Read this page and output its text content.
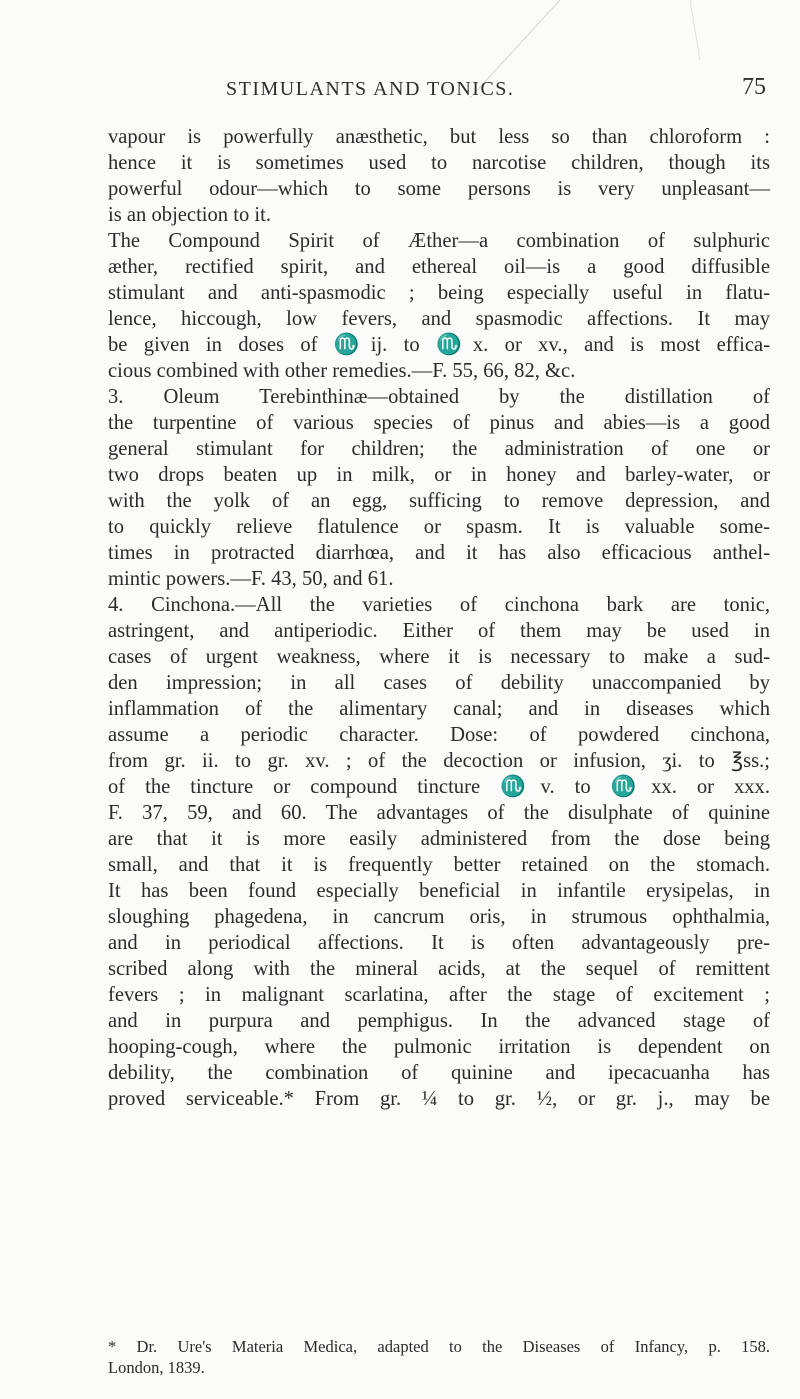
STIMULANTS AND TONICS.	75
vapour is powerfully anæsthetic, but less so than chloroform :
hence it is sometimes used to narcotise children, though its
powerful odour—which to some persons is very unpleasant—
is an objection to it.
The Compound Spirit of Æther—a combination of sulphuric
æther, rectified spirit, and ethereal oil—is a good diffusible
stimulant and anti-spasmodic ; being especially useful in flatu-
lence, hiccough, low fevers, and spasmodic affections. It may
be given in doses of ♏ij. to ♏x. or xv., and is most effica-
cious combined with other remedies.—F. 55, 66, 82, &c.
3. Oleum Terebinthinæ—obtained by the distillation of
the turpentine of various species of pinus and abies—is a good
general stimulant for children; the administration of one or
two drops beaten up in milk, or in honey and barley-water, or
with the yolk of an egg, sufficing to remove depression, and
to quickly relieve flatulence or spasm. It is valuable some-
times in protracted diarrhœa, and it has also efficacious anthel-
mintic powers.—F. 43, 50, and 61.
4. Cinchona.—All the varieties of cinchona bark are tonic,
astringent, and antiperiodic. Either of them may be used in
cases of urgent weakness, where it is necessary to make a sud-
den impression; in all cases of debility unaccompanied by
inflammation of the alimentary canal; and in diseases which
assume a periodic character. Dose: of powdered cinchona,
from gr. ii. to gr. xv. ; of the decoction or infusion, ʒi. to ℥ss.;
of the tincture or compound tincture ♏v. to ♏xx. or xxx.
F. 37, 59, and 60. The advantages of the disulphate of quinine
are that it is more easily administered from the dose being
small, and that it is frequently better retained on the stomach.
It has been found especially beneficial in infantile erysipelas, in
sloughing phagedena, in cancrum oris, in strumous ophthalmia,
and in periodical affections. It is often advantageously pre-
scribed along with the mineral acids, at the sequel of remittent
fevers ; in malignant scarlatina, after the stage of excitement ;
and in purpura and pemphigus. In the advanced stage of
hooping-cough, where the pulmonic irritation is dependent on
debility, the combination of quinine and ipecacuanha has
proved serviceable.* From gr. ¼ to gr. ½, or gr. j., may be
* Dr. Ure's Materia Medica, adapted to the Diseases of Infancy, p. 158.
London, 1839.
